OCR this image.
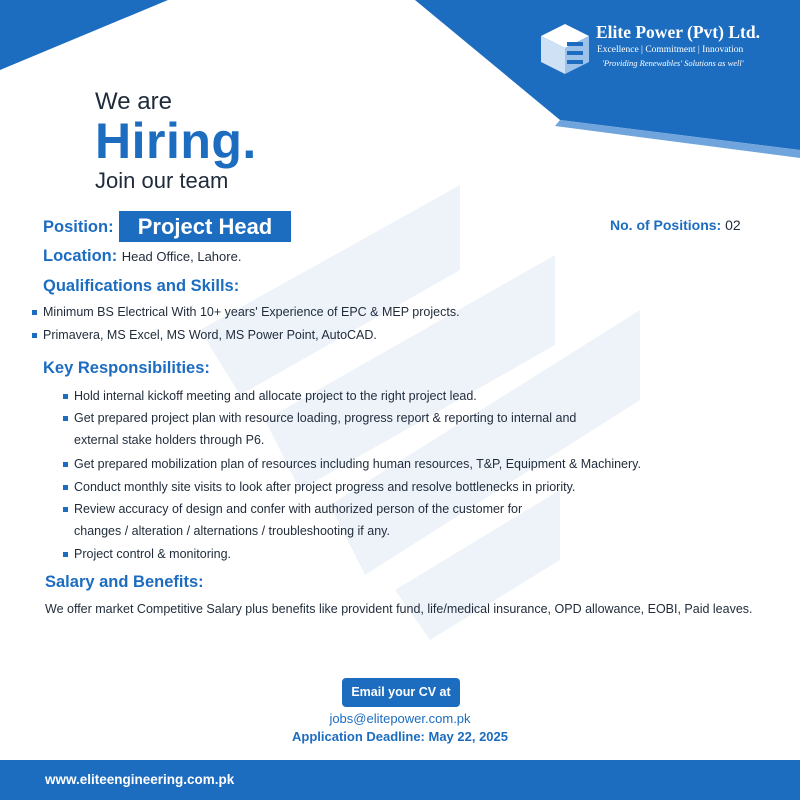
Elite Power (Pvt) Ltd.
Excellence | Commitment | Innovation
'Providing Renewables' Solutions as well'
We are
Hiring.
Join our team
Position:	Project Head	No. of Positions: 02
Location: Head Office, Lahore.
Qualifications and Skills:
Minimum BS Electrical With 10+ years' Experience of EPC & MEP projects.
Primavera, MS Excel, MS Word, MS Power Point, AutoCAD.
Key Responsibilities:
Hold internal kickoff meeting and allocate project to the right project lead.
Get prepared project plan with resource loading, progress report & reporting to internal and
external stake holders through P6.
Get prepared mobilization plan of resources including human resources, T&P, Equipment & Machinery.
Conduct monthly site visits to look after project progress and resolve bottlenecks in priority.
Review accuracy of design and confer with authorized person of the customer for
changes / alteration / alternations / troubleshooting if any.
Project control & monitoring.
Salary and Benefits:
We offer market Competitive Salary plus benefits like provident fund, life/medical insurance, OPD allowance, EOBI, Paid leaves.
Email your CV at
jobs@elitepower.com.pk
Application Deadline: May 22, 2025
www.eliteengineering.com.pk
